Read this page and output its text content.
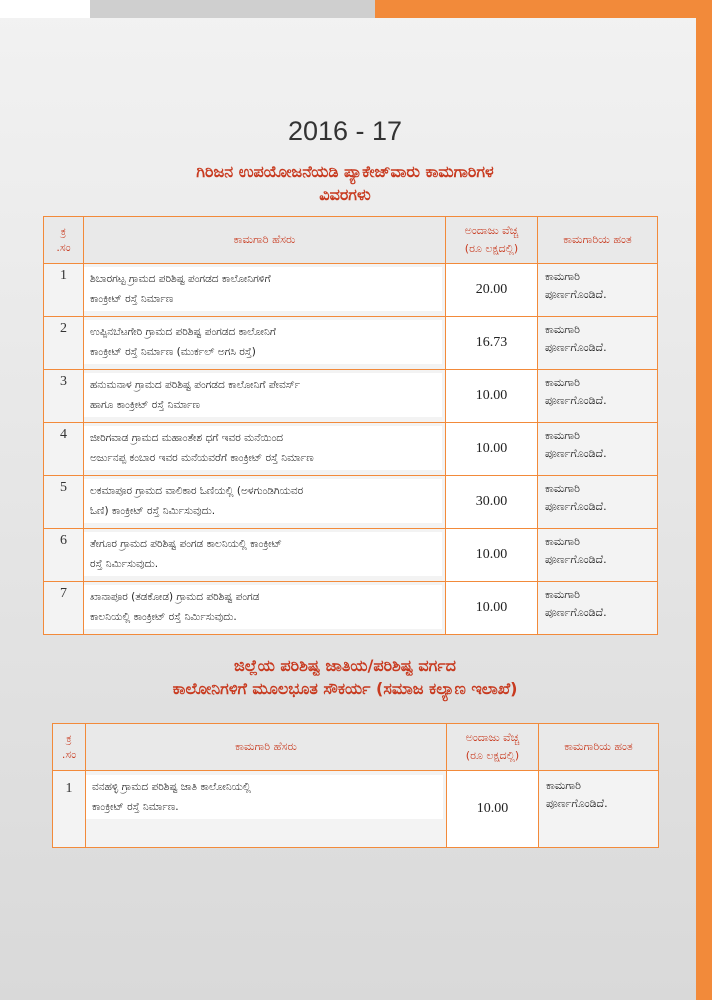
2016 - 17
ಗಿರಿಜನ ಉಪಯೋಜನೆಯಡಿ ಪ್ಯಾಕೇಜ್‌ವಾರು ಕಾಮಗಾರಿಗಳ
ವಿವರಗಳು
ಕ್ರ
.ಸಂ	ಕಾಮಗಾರಿ ಹೆಸರು	ಅಂದಾಜು ವೆಚ್ಚ
(ರೂ ಲಕ್ಷದಲ್ಲಿ)	ಕಾಮಗಾರಿಯ ಹಂತ
1	ಶಿಬಾರಗಟ್ಟ ಗ್ರಾಮದ ಪರಿಶಿಷ್ಟ ಪಂಗಡದ ಕಾಲೋನಿಗಳಿಗೆ
ಕಾಂಕ್ರೀಟ್ ರಸ್ತೆ ನಿರ್ಮಾಣ	20.00	ಕಾಮಗಾರಿ
ಪೂರ್ಣಗೊಂಡಿದೆ.

2	ಉಪ್ಪಿನಬೆಟಗೇರಿ ಗ್ರಾಮದ ಪರಿಶಿಷ್ಟ ಪಂಗಡದ ಕಾಲೋನಿಗೆ
ಕಾಂಕ್ರೀಟ್ ರಸ್ತೆ ನಿರ್ಮಾಣ (ಮುರ್ಕಲ್ ಅಗಸಿ ರಸ್ತೆ)	16.73	ಕಾಮಗಾರಿ
ಪೂರ್ಣಗೊಂಡಿದೆ.

3	ಹನುಮನಾಳ ಗ್ರಾಮದ ಪರಿಶಿಷ್ಟ ಪಂಗಡದ ಕಾಲೋನಿಗೆ ಪೇವರ್ಸ್
ಹಾಗೂ ಕಾಂಕ್ರೀಟ್ ರಸ್ತೆ ನಿರ್ಮಾಣ	10.00	ಕಾಮಗಾರಿ
ಪೂರ್ಣಗೊಂಡಿದೆ.

4	ಜೀರಿಗವಾಡ ಗ್ರಾಮದ ಮಹಾಂತೇಶ ಧಗೆ ಇವರ ಮನೆಯಿಂದ
ಅರ್ಜುನಪ್ಪ ಕಂಬಾರ ಇವರ ಮನೆಯವರೆಗೆ ಕಾಂಕ್ರೀಟ್ ರಸ್ತೆ ನಿರ್ಮಾಣ	10.00	ಕಾಮಗಾರಿ
ಪೂರ್ಣಗೊಂಡಿದೆ.

5	ಲಕಮಾಪೂರ ಗ್ರಾಮದ ವಾಲಿಕಾರ ಓಣಿಯಲ್ಲಿ (ಅಳಗುಂಡಿಗಿಯವರ
ಓಣಿ) ಕಾಂಕ್ರೀಟ್ ರಸ್ತೆ ನಿರ್ಮಿಸುವುದು.	30.00	ಕಾಮಗಾರಿ
ಪೂರ್ಣಗೊಂಡಿದೆ.

6	ತೇಗೂರ ಗ್ರಾಮದ ಪರಿಶಿಷ್ಟ ಪಂಗಡ ಕಾಲನಿಯಲ್ಲಿ ಕಾಂಕ್ರೀಟ್
ರಸ್ತೆ ನಿರ್ಮಿಸುವುದು.	10.00	ಕಾಮಗಾರಿ
ಪೂರ್ಣಗೊಂಡಿದೆ.

7	ಖಾನಾಪೂರ (ತಡಕೋಡ) ಗ್ರಾಮದ ಪರಿಶಿಷ್ಟ ಪಂಗಡ
ಕಾಲನಿಯಲ್ಲಿ ಕಾಂಕ್ರೀಟ್ ರಸ್ತೆ ನಿರ್ಮಿಸುವುದು.	10.00	ಕಾಮಗಾರಿ
ಪೂರ್ಣಗೊಂಡಿದೆ.
ಜಿಲ್ಲೆಯ ಪರಿಶಿಷ್ಟ ಜಾತಿಯ/ಪರಿಶಿಷ್ಟ ವರ್ಗದ
ಕಾಲೋನಿಗಳಿಗೆ ಮೂಲಭೂತ ಸೌಕರ್ಯ (ಸಮಾಜ ಕಲ್ಯಾಣ ಇಲಾಖೆ)
ಕ್ರ
.ಸಂ	ಕಾಮಗಾರಿ ಹೆಸರು	ಅಂದಾಜು ವೆಚ್ಚ
(ರೂ ಲಕ್ಷದಲ್ಲಿ)	ಕಾಮಗಾರಿಯ ಹಂತ
1	ವನಹಳ್ಳಿ ಗ್ರಾಮದ ಪರಿಶಿಷ್ಟ ಜಾತಿ ಕಾಲೋನಿಯಲ್ಲಿ
ಕಾಂಕ್ರೀಟ್ ರಸ್ತೆ ನಿರ್ಮಾಣ.	10.00	ಕಾಮಗಾರಿ
ಪೂರ್ಣಗೊಂಡಿದೆ.
